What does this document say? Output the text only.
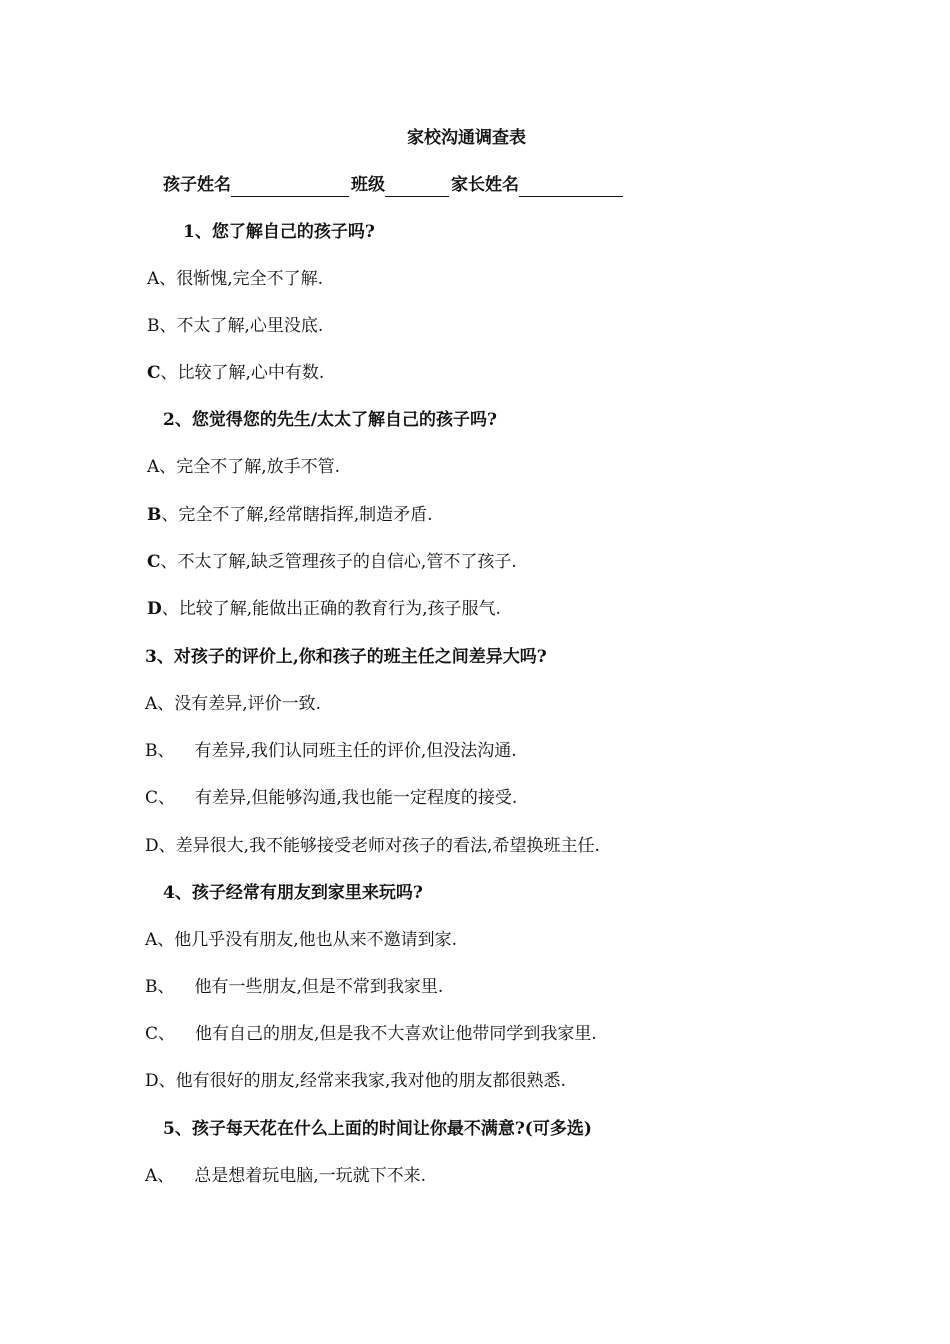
家校沟通调查表
孩子姓名	班级	家长姓名
1、您了解自己的孩子吗?
A、很惭愧,完全不了解.
B、不太了解,心里没底.
C、比较了解,心中有数.
2、您觉得您的先生/太太了解自己的孩子吗?
A、完全不了解,放手不管.
B、完全不了解,经常瞎指挥,制造矛盾.
C、不太了解,缺乏管理孩子的自信心,管不了孩子.
D、比较了解,能做出正确的教育行为,孩子服气.
3、对孩子的评价上,你和孩子的班主任之间差异大吗?
A、没有差异,评价一致.
B、 有差异,我们认同班主任的评价,但没法沟通.
C、 有差异,但能够沟通,我也能一定程度的接受.
D、差异很大,我不能够接受老师对孩子的看法,希望换班主任.
4、孩子经常有朋友到家里来玩吗?
A、他几乎没有朋友,他也从来不邀请到家.
B、 他有一些朋友,但是不常到我家里.
C、 他有自己的朋友,但是我不大喜欢让他带同学到我家里.
D、他有很好的朋友,经常来我家,我对他的朋友都很熟悉.
5、孩子每天花在什么上面的时间让你最不满意?(可多选)
A、 总是想着玩电脑,一玩就下不来.
